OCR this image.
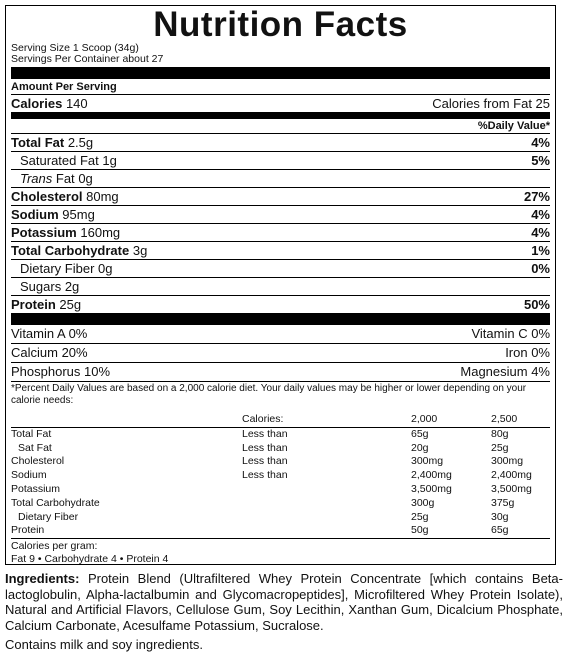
Nutrition Facts
Serving Size 1 Scoop (34g)
Servings Per Container about 27
Amount Per Serving
Calories 140	Calories from Fat 25
%Daily Value*
Total Fat 2.5g	4%
Saturated Fat 1g	5%
Trans Fat 0g
Cholesterol 80mg	27%
Sodium 95mg	4%
Potassium 160mg	4%
Total Carbohydrate 3g	1%
Dietary Fiber 0g	0%
Sugars 2g
Protein 25g	50%
Vitamin A 0%	Vitamin C 0%
Calcium 20%	Iron 0%
Phosphorus 10%	Magnesium 4%
*Percent Daily Values are based on a 2,000 calorie diet. Your daily values may be higher or lower depending on your calorie needs:
	Calories:	2,000	2,500
Total Fat	Less than	65g	80g
Sat Fat	Less than	20g	25g
Cholesterol	Less than	300mg	300mg
Sodium	Less than	2,400mg	2,400mg
Potassium		3,500mg	3,500mg
Total Carbohydrate		300g	375g
Dietary Fiber		25g	30g
Protein		50g	65g
Calories per gram:
Fat 9 • Carbohydrate 4 • Protein 4
Ingredients: Protein Blend (Ultrafiltered Whey Protein Concentrate [which contains Beta-lactoglobulin, Alpha-lactalbumin and Glycomacropeptides], Microfiltered Whey Protein Isolate), Natural and Artificial Flavors, Cellulose Gum, Soy Lecithin, Xanthan Gum, Dicalcium Phosphate, Calcium Carbonate, Acesulfame Potassium, Sucralose.
Contains milk and soy ingredients.
